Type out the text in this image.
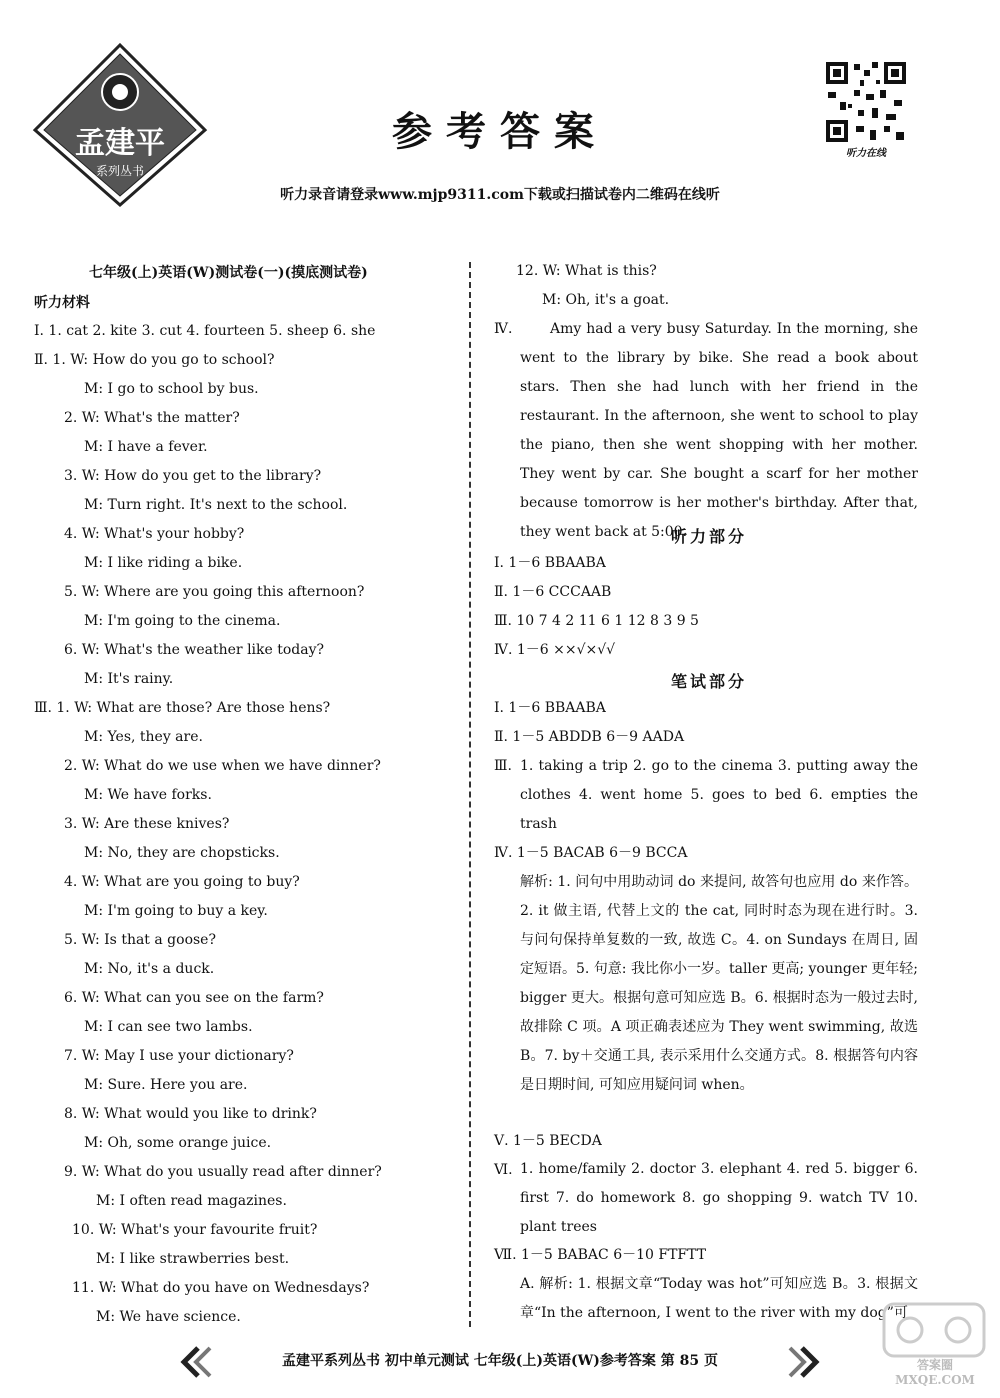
孟建平
系列丛书
参考答案	听力在线
听力录音请登录www.mjp9311.com下载或扫描试卷内二维码在线听
七年级(上)英语(W)测试卷(一)(摸底测试卷)
听力材料
Ⅰ. 1. cat 2. kite 3. cut 4. fourteen 5. sheep 6. she
Ⅱ. 1. W: How do you go to school?
M: I go to school by bus.
2. W: What's the matter?
M: I have a fever.
3. W: How do you get to the library?
M: Turn right. It's next to the school.
4. W: What's your hobby?
M: I like riding a bike.
5. W: Where are you going this afternoon?
M: I'm going to the cinema.
6. W: What's the weather like today?
M: It's rainy.
Ⅲ. 1. W: What are those? Are those hens?
M: Yes, they are.
2. W: What do we use when we have dinner?
M: We have forks.
3. W: Are these knives?
M: No, they are chopsticks.
4. W: What are you going to buy?
M: I'm going to buy a key.
5. W: Is that a goose?
M: No, it's a duck.
6. W: What can you see on the farm?
M: I can see two lambs.
7. W: May I use your dictionary?
M: Sure. Here you are.
8. W: What would you like to drink?
M: Oh, some orange juice.
9. W: What do you usually read after dinner?
M: I often read magazines.
10. W: What's your favourite fruit?
M: I like strawberries best.
11. W: What do you have on Wednesdays?
M: We have science.
12. W: What is this?
M: Oh, it's a goat.
Ⅳ.	Amy had a very busy Saturday. In the morning, she went to the library by bike. She read a book about stars. Then she had lunch with her friend in the restaurant. In the afternoon, she went to school to play the piano, then she went shopping with her mother. They went by car. She bought a scarf for her mother because tomorrow is her mother's birthday. After that, they went back at 5:00.
听力部分
Ⅰ. 1－6 BBAABA
Ⅱ. 1－6 CCCAAB
Ⅲ. 10 7 4 2 11 6 1 12 8 3 9 5
Ⅳ. 1－6 ××√×√√
笔试部分
Ⅰ. 1－6 BBAABA
Ⅱ. 1－5 ABDDB 6－9 AADA
Ⅲ. 1. taking a trip 2. go to the cinema 3. putting away the clothes 4. went home 5. goes to bed 6. empties the trash
Ⅳ. 1－5 BACAB 6－9 BCCA
解析: 1. 问句中用助动词 do 来提问, 故答句也应用 do 来作答。2. it 做主语, 代替上文的 the cat, 同时时态为现在进行时。3. 与问句保持单复数的一致, 故选 C。4. on Sundays 在周日, 固定短语。5. 句意: 我比你小一岁。taller 更高; younger 更年轻; bigger 更大。根据句意可知应选 B。6. 根据时态为一般过去时, 故排除 C 项。A 项正确表述应为 They went swimming, 故选 B。7. by＋交通工具, 表示采用什么交通方式。8. 根据答句内容是日期时间, 可知应用疑问词 when。
Ⅴ. 1－5 BECDA
Ⅵ. 1. home/family 2. doctor 3. elephant 4. red 5. bigger 6. first 7. do homework 8. go shopping 9. watch TV 10. plant trees
Ⅶ. 1－5 BABAC 6－10 FTFTT
A. 解析: 1. 根据文章“Today was hot”可知应选 B。3. 根据文章“In the afternoon, I went to the river with my dog”可
孟建平系列丛书 初中单元测试 七年级(上)英语(W)参考答案 第 85 页	答案圈 MXQE.COM
